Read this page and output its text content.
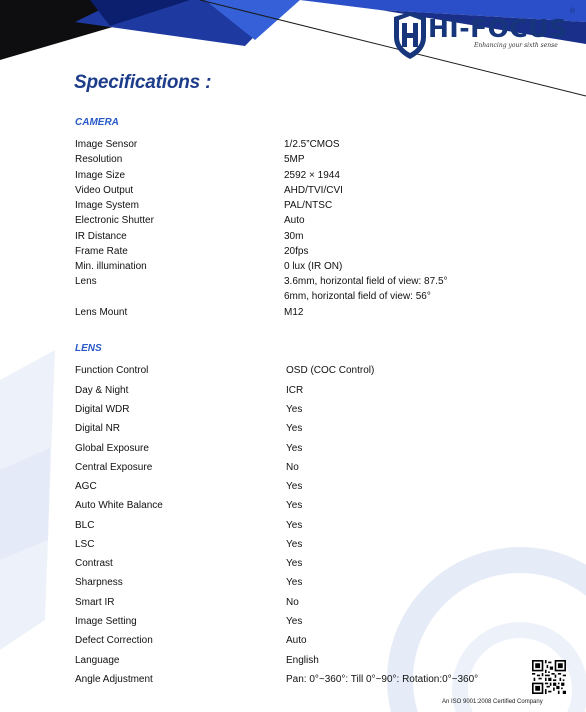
HI-FOCUS
Enhancing your sixth sense
®
Specifications :
CAMERA
Image Sensor	1/2.5”CMOS
Resolution	5MP
Image Size	2592 × 1944
Video Output	AHD/TVI/CVI
Image System	PAL/NTSC
Electronic Shutter	Auto
IR Distance	30m
Frame Rate	20fps
Min. illumination	0 lux (IR ON)
Lens	3.6mm, horizontal field of view: 87.5°
6mm, horizontal field of view: 56°
Lens Mount	M12
LENS
Function Control	OSD (COC Control)
Day & Night	ICR
Digital WDR	Yes
Digital NR	Yes
Global Exposure	Yes
Central Exposure	No
AGC	Yes
Auto White Balance	Yes
BLC	Yes
LSC	Yes
Contrast	Yes
Sharpness	Yes
Smart IR	No
Image Setting	Yes
Defect Correction	Auto
Language	English
Angle Adjustment	Pan: 0°~360°: Till 0°~90°: Rotation:0°~360°
An ISO 9001:2008 Certified Company
